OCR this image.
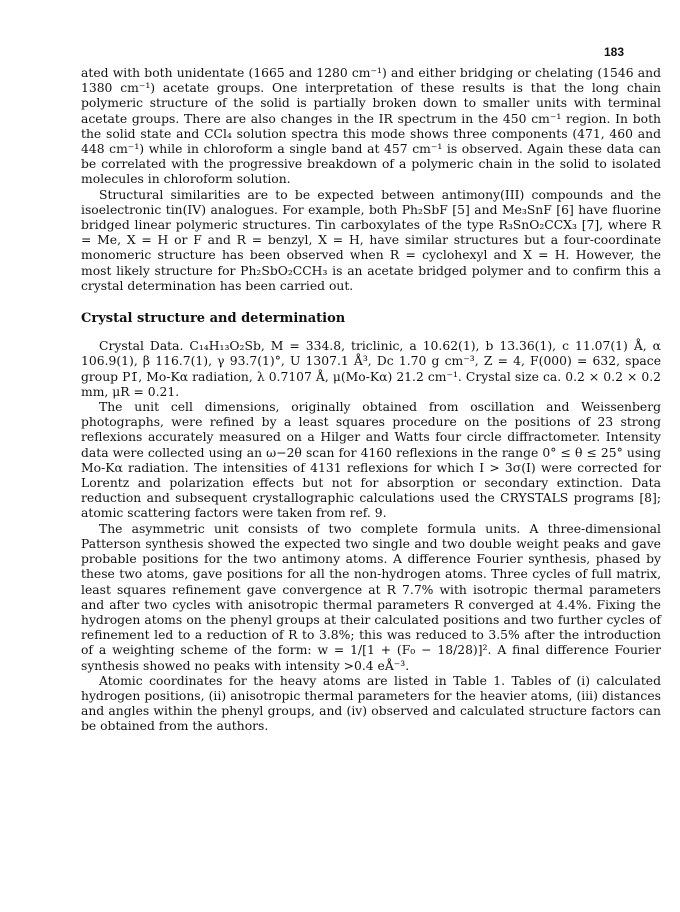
183

ated with both unidentate (1665 and 1280 cm⁻¹) and either bridging or chelating (1546 and 1380 cm⁻¹) acetate groups. One interpretation of these results is that the long chain polymeric structure of the solid is partially broken down to smaller units with terminal acetate groups. There are also changes in the IR spectrum in the 450 cm⁻¹ region. In both the solid state and CCl₄ solution spectra this mode shows three components (471, 460 and 448 cm⁻¹) while in chloroform a single band at 457 cm⁻¹ is observed. Again these data can be correlated with the progressive breakdown of a polymeric chain in the solid to isolated molecules in chloroform solution.

Structural similarities are to be expected between antimony(III) compounds and the isoelectronic tin(IV) analogues. For example, both Ph₂SbF [5] and Me₃SnF [6] have fluorine bridged linear polymeric structures. Tin carboxylates of the type R₃SnO₂CCX₃ [7], where R = Me, X = H or F and R = benzyl, X = H, have similar structures but a four-coordinate monomeric structure has been observed when R = cyclohexyl and X = H. However, the most likely structure for Ph₂SbO₂CCH₃ is an acetate bridged polymer and to confirm this a crystal determination has been carried out.

Crystal structure and determination

Crystal Data. C₁₄H₁₃O₂Sb, M = 334.8, triclinic, a 10.62(1), b 13.36(1), c 11.07(1) Å, α 106.9(1), β 116.7(1), γ 93.7(1)°, U 1307.1 Å³, Dc 1.70 g cm⁻³, Z = 4, F(000) = 632, space group P1̄, Mo-Kα radiation, λ 0.7107 Å, μ(Mo-Kα) 21.2 cm⁻¹. Crystal size ca. 0.2 × 0.2 × 0.2 mm, μR = 0.21.

The unit cell dimensions, originally obtained from oscillation and Weissenberg photographs, were refined by a least squares procedure on the positions of 23 strong reflexions accurately measured on a Hilger and Watts four circle diffractometer. Intensity data were collected using an ω−2θ scan for 4160 reflexions in the range 0° ≤ θ ≤ 25° using Mo-Kα radiation. The intensities of 4131 reflexions for which I > 3σ(I) were corrected for Lorentz and polarization effects but not for absorption or secondary extinction. Data reduction and subsequent crystallographic calculations used the CRYSTALS programs [8]; atomic scattering factors were taken from ref. 9.

The asymmetric unit consists of two complete formula units. A three-dimensional Patterson synthesis showed the expected two single and two double weight peaks and gave probable positions for the two antimony atoms. A difference Fourier synthesis, phased by these two atoms, gave positions for all the non-hydrogen atoms. Three cycles of full matrix, least squares refinement gave convergence at R 7.7% with isotropic thermal parameters and after two cycles with anisotropic thermal parameters R converged at 4.4%. Fixing the hydrogen atoms on the phenyl groups at their calculated positions and two further cycles of refinement led to a reduction of R to 3.8%; this was reduced to 3.5% after the introduction of a weighting scheme of the form: w = 1/[1 + (F₀ − 18/28)]². A final difference Fourier synthesis showed no peaks with intensity >0.4 eÅ⁻³.

Atomic coordinates for the heavy atoms are listed in Table 1. Tables of (i) calculated hydrogen positions, (ii) anisotropic thermal parameters for the heavier atoms, (iii) distances and angles within the phenyl groups, and (iv) observed and calculated structure factors can be obtained from the authors.
